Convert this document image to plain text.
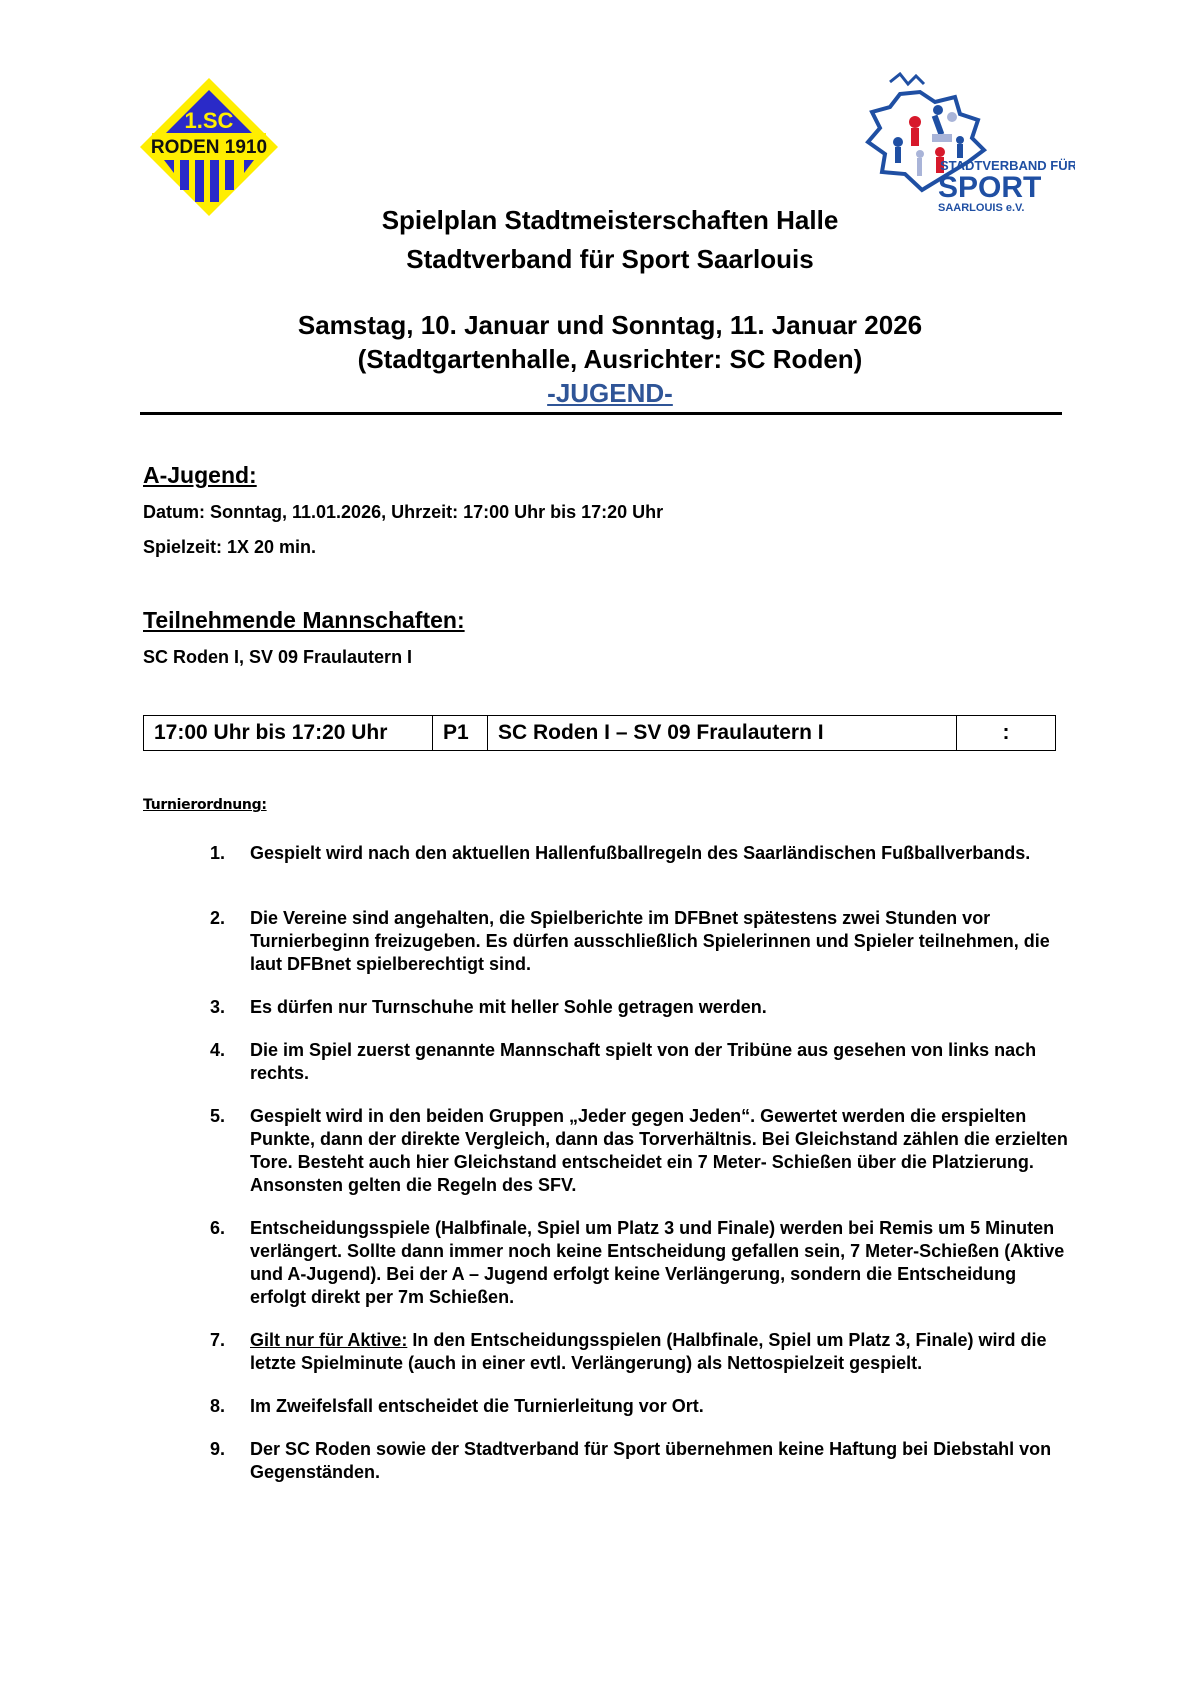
1.SC
RODEN 1910
STADTVERBAND FÜR
SPORT
SAARLOUIS e.V.
Spielplan Stadtmeisterschaften Halle
Stadtverband für Sport Saarlouis
Samstag, 10. Januar und Sonntag, 11. Januar 2026
(Stadtgartenhalle, Ausrichter: SC Roden)
-JUGEND-
A-Jugend:
Datum: Sonntag, 11.01.2026, Uhrzeit: 17:00 Uhr bis 17:20 Uhr
Spielzeit: 1X 20 min.
Teilnehmende Mannschaften:
SC Roden I, SV 09 Fraulautern I
17:00 Uhr bis 17:20 Uhr	P1	SC Roden I – SV 09 Fraulautern I	:
Turnierordnung:
1.	Gespielt wird nach den aktuellen Hallenfußballregeln des Saarländischen Fußballverbands.
2.	Die Vereine sind angehalten, die Spielberichte im DFBnet spätestens zwei Stunden vor Turnierbeginn freizugeben. Es dürfen ausschließlich Spielerinnen und Spieler teilnehmen, die laut DFBnet spielberechtigt sind.
3.	Es dürfen nur Turnschuhe mit heller Sohle getragen werden.
4.	Die im Spiel zuerst genannte Mannschaft spielt von der Tribüne aus gesehen von links nach rechts.
5.	Gespielt wird in den beiden Gruppen „Jeder gegen Jeden“. Gewertet werden die erspielten Punkte, dann der direkte Vergleich, dann das Torverhältnis. Bei Gleichstand zählen die erzielten Tore. Besteht auch hier Gleichstand entscheidet ein 7 Meter- Schießen über die Platzierung. Ansonsten gelten die Regeln des SFV.
6.	Entscheidungsspiele (Halbfinale, Spiel um Platz 3 und Finale) werden bei Remis um 5 Minuten verlängert. Sollte dann immer noch keine Entscheidung gefallen sein, 7 Meter-Schießen (Aktive und A-Jugend). Bei der A – Jugend erfolgt keine Verlängerung, sondern die Entscheidung erfolgt direkt per 7m Schießen.
7.	Gilt nur für Aktive: In den Entscheidungsspielen (Halbfinale, Spiel um Platz 3, Finale) wird die letzte Spielminute (auch in einer evtl. Verlängerung) als Nettospielzeit gespielt.
8.	Im Zweifelsfall entscheidet die Turnierleitung vor Ort.
9.	Der SC Roden sowie der Stadtverband für Sport übernehmen keine Haftung bei Diebstahl von Gegenständen.
